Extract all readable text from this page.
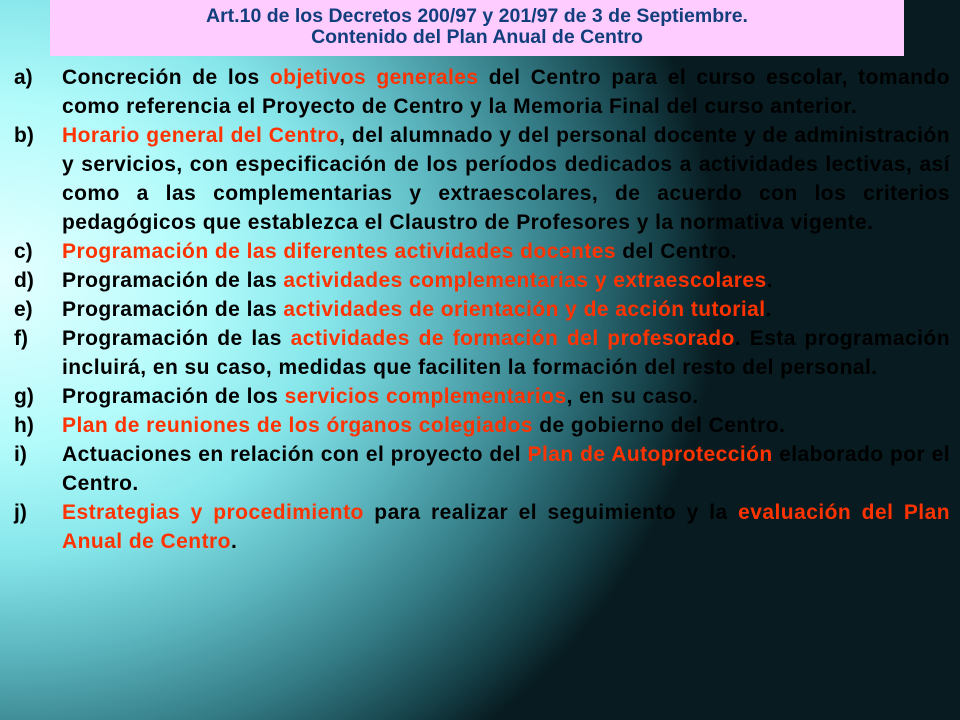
Art.10 de los Decretos 200/97 y 201/97 de 3 de Septiembre.
Contenido del Plan Anual de Centro
a) Concreción de los objetivos generales del Centro para el curso escolar, tomando como referencia el Proyecto de Centro y la Memoria Final del curso anterior.

b) Horario general del Centro, del alumnado y del personal docente y de administración y servicios, con especificación de los períodos dedicados a actividades lectivas, así como a las complementarias y extraescolares, de acuerdo con los criterios pedagógicos que establezca el Claustro de Profesores y la normativa vigente.

c) Programación de las diferentes actividades docentes del Centro.

d) Programación de las actividades complementarias y extraescolares.

e) Programación de las actividades de orientación y de acción tutorial.

f) Programación de las actividades de formación del profesorado. Esta programación incluirá, en su caso, medidas que faciliten la formación del resto del personal.

g) Programación de los servicios complementarios, en su caso.

h) Plan de reuniones de los órganos colegiados de gobierno del Centro.

i) Actuaciones en relación con el proyecto del Plan de Autoprotección elaborado por el Centro.

j) Estrategias y procedimiento para realizar el seguimiento y la evaluación del Plan Anual de Centro.
